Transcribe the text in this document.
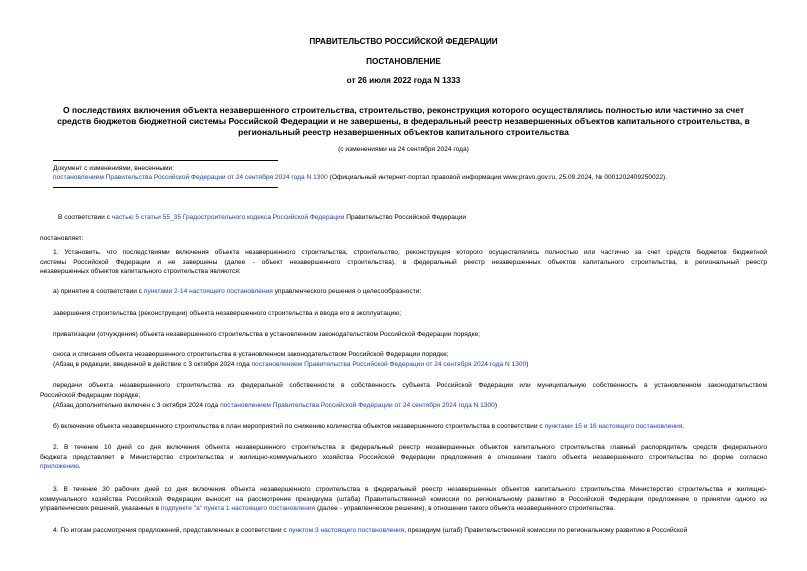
ПРАВИТЕЛЬСТВО РОССИЙСКОЙ ФЕДЕРАЦИИ
ПОСТАНОВЛЕНИЕ
от 26 июля 2022 года N 1333
О последствиях включения объекта незавершенного строительства, строительство, реконструкция которого осуществлялись полностью или частично за счет
средств бюджетов бюджетной системы Российской Федерации и не завершены, в федеральный реестр незавершенных объектов капитального строительства, в
региональный реестр незавершенных объектов капитального строительства
(с изменениями на 24 сентября 2024 года)
Документ с изменениями, внесенными:
постановлением Правительства Российской Федерации от 24 сентября 2024 года N 1300 (Официальный интернет-портал правовой информации www.pravo.gov.ru, 25.09.2024, № 0001202409250022).
В соответствии с частью 5 статьи 55_35 Градостроительного кодекса Российской Федерации Правительство Российской Федерации
постановляет:
1. Установить, что последствиями включения объекта незавершенного строительства, строительство, реконструкция которого осуществлялись полностью или частично за счет средств бюджетов бюджетной
системы Российской Федерации и не завершены (далее - объект незавершенного строительства), в федеральный реестр незавершенных объектов капитального строительства, в региональный реестр
незавершенных объектов капитального строительства являются:
а) принятие в соответствии с пунктами 2-14 настоящего постановления управленческого решения о целесообразности:
завершения строительства (реконструкции) объекта незавершенного строительства и ввода его в эксплуатацию;
приватизации (отчуждения) объекта незавершенного строительства в установленном законодательством Российской Федерации порядке;
сноса и списания объекта незавершенного строительства в установленном законодательством Российской Федерации порядке;
(Абзац в редакции, введенной в действие с 3 октября 2024 года постановлением Правительства Российской Федерации от 24 сентября 2024 года N 1300)
передачи объекта незавершенного строительства из федеральной собственности в собственность субъекта Российской Федерации или муниципальную собственность в установленном законодательством
Российской Федерации порядке;
(Абзац дополнительно включен с 3 октября 2024 года постановлением Правительства Российской Федерации от 24 сентября 2024 года N 1300)
б) включение объекта незавершенного строительства в план мероприятий по снижению количества объектов незавершенного строительства в соответствии с пунктами 15 и 16 настоящего постановления.
2. В течение 10 дней со дня включения объекта незавершенного строительства в федеральный реестр незавершенных объектов капитального строительства главный распорядитель средств федерального
бюджета представляет в Министерство строительства и жилищно-коммунального хозяйства Российской Федерации предложения в отношении такого объекта незавершенного строительства по форме согласно
приложению.
3. В течение 30 рабочих дней со дня включения объекта незавершенного строительства в федеральный реестр незавершенных объектов капитального строительства Министерство строительства и жилищно-
коммунального хозяйства Российской Федерации выносит на рассмотрение президиума (штаба) Правительственной комиссии по региональному развитию в Российской Федерации предложение о принятии одного из
управленческих решений, указанных в подпункте "а" пункта 1 настоящего постановления (далее - управленческое решение), в отношении такого объекта незавершенного строительства.
4. По итогам рассмотрения предложений, представленных в соответствии с пунктом 3 настоящего постановления, президиум (штаб) Правительственной комиссии по региональному развитию в Российской
